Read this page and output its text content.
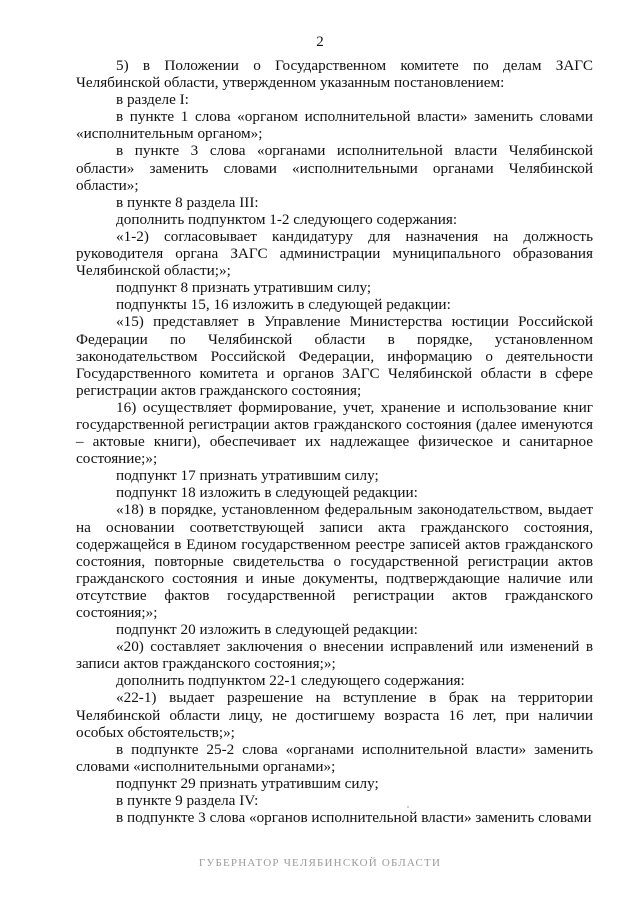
2

5) в Положении о Государственном комитете по делам ЗАГС Челябинской области, утвержденном указанным постановлением:

в разделе I:

в пункте 1 слова «органом исполнительной власти» заменить словами «исполнительным органом»;

в пункте 3 слова «органами исполнительной власти Челябинской области» заменить словами «исполнительными органами Челябинской области»;

в пункте 8 раздела III:

дополнить подпунктом 1-2 следующего содержания:

«1-2) согласовывает кандидатуру для назначения на должность руководителя органа ЗАГС администрации муниципального образования Челябинской области;»;

подпункт 8 признать утратившим силу;

подпункты 15, 16 изложить в следующей редакции:

«15) представляет в Управление Министерства юстиции Российской Федерации по Челябинской области в порядке, установленном законодательством Российской Федерации, информацию о деятельности Государственного комитета и органов ЗАГС Челябинской области в сфере регистрации актов гражданского состояния;

16) осуществляет формирование, учет, хранение и использование книг государственной регистрации актов гражданского состояния (далее именуются – актовые книги), обеспечивает их надлежащее физическое и санитарное состояние;»;

подпункт 17 признать утратившим силу;

подпункт 18 изложить в следующей редакции:

«18) в порядке, установленном федеральным законодательством, выдает на основании соответствующей записи акта гражданского состояния, содержащейся в Едином государственном реестре записей актов гражданского состояния, повторные свидетельства о государственной регистрации актов гражданского состояния и иные документы, подтверждающие наличие или отсутствие фактов государственной регистрации актов гражданского состояния;»;

подпункт 20 изложить в следующей редакции:

«20) составляет заключения о внесении исправлений или изменений в записи актов гражданского состояния;»;

дополнить подпунктом 22-1 следующего содержания:

«22-1) выдает разрешение на вступление в брак на территории Челябинской области лицу, не достигшему возраста 16 лет, при наличии особых обстоятельств;»;

в подпункте 25-2 слова «органами исполнительной власти» заменить словами «исполнительными органами»;

подпункт 29 признать утратившим силу;

в пункте 9 раздела IV:

в подпункте 3 слова «органов исполнительной власти» заменить словами

ГУБЕРНАТОР ЧЕЛЯБИНСКОЙ ОБЛАСТИ
